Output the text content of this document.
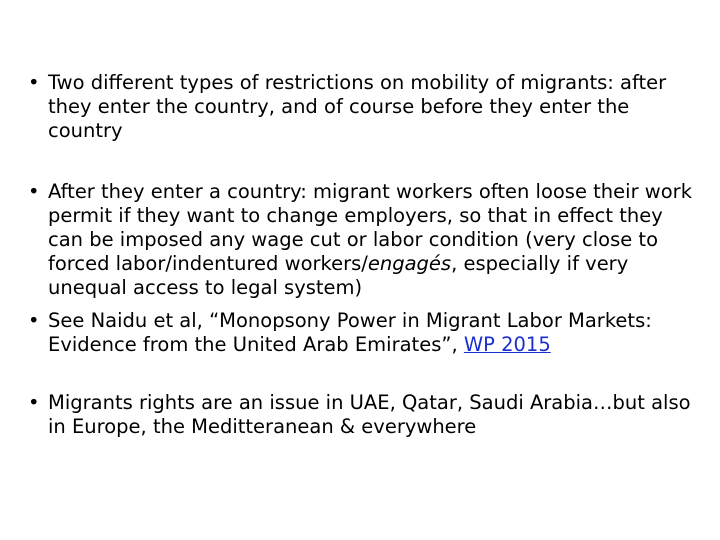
• Two different types of restrictions on mobility of migrants: after they enter the country, and of course before they enter the country
• After they enter a country: migrant workers often loose their work permit if they want to change employers, so that in effect they can be imposed any wage cut or labor condition (very close to forced labor/indentured workers/engagés, especially if very unequal access to legal system)
• See Naidu et al, “Monopsony Power in Migrant Labor Markets: Evidence from the United Arab Emirates”, WP 2015
• Migrants rights are an issue in UAE, Qatar, Saudi Arabia…but also in Europe, the Meditteranean & everywhere
